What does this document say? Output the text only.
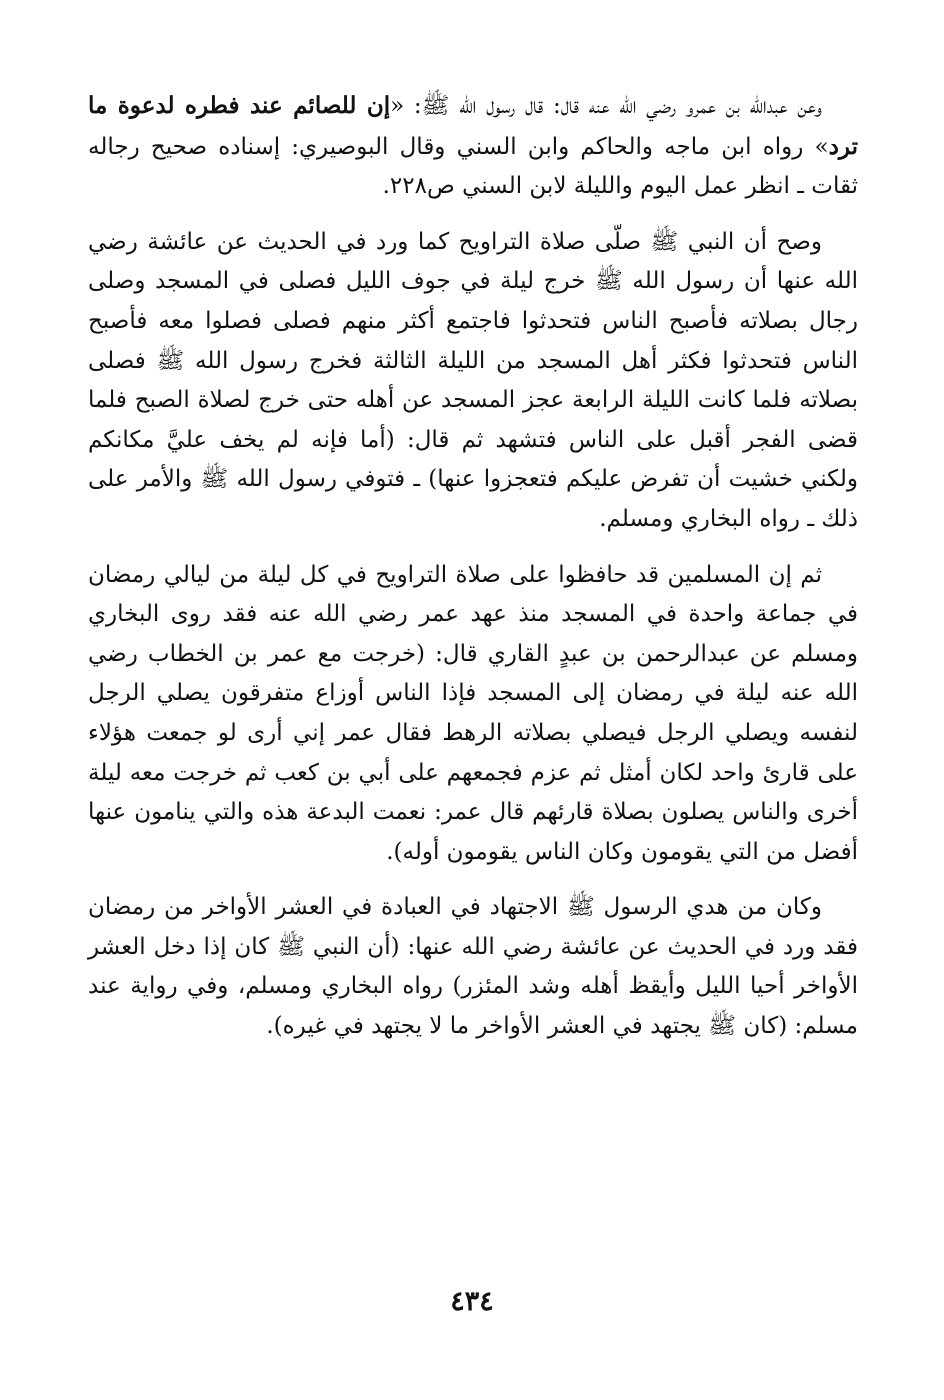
وعن عبدالله بن عمرو رضي الله عنه قال: قال رسول الله ﷺ: «إن للصائم عند فطره لدعوة ما ترد» رواه ابن ماجه والحاكم وابن السني وقال البوصيري: إسناده صحيح رجاله ثقات ـ انظر عمل اليوم والليلة لابن السني ص٢٢٨.

وصح أن النبي ﷺ صلّى صلاة التراويح كما ورد في الحديث عن عائشة رضي الله عنها أن رسول الله ﷺ خرج ليلة في جوف الليل فصلى في المسجد وصلى رجال بصلاته فأصبح الناس فتحدثوا فاجتمع أكثر منهم فصلى فصلوا معه فأصبح الناس فتحدثوا فكثر أهل المسجد من الليلة الثالثة فخرج رسول الله ﷺ فصلى بصلاته فلما كانت الليلة الرابعة عجز المسجد عن أهله حتى خرج لصلاة الصبح فلما قضى الفجر أقبل على الناس فتشهد ثم قال: (أما فإنه لم يخف عليَّ مكانكم ولكني خشيت أن تفرض عليكم فتعجزوا عنها) ـ فتوفي رسول الله ﷺ والأمر على ذلك ـ رواه البخاري ومسلم.

ثم إن المسلمين قد حافظوا على صلاة التراويح في كل ليلة من ليالي رمضان في جماعة واحدة في المسجد منذ عهد عمر رضي الله عنه فقد روى البخاري ومسلم عن عبدالرحمن بن عبدٍ القاري قال: (خرجت مع عمر بن الخطاب رضي الله عنه ليلة في رمضان إلى المسجد فإذا الناس أوزاع متفرقون يصلي الرجل لنفسه ويصلي الرجل فيصلي بصلاته الرهط فقال عمر إني أرى لو جمعت هؤلاء على قارئ واحد لكان أمثل ثم عزم فجمعهم على أبي بن كعب ثم خرجت معه ليلة أخرى والناس يصلون بصلاة قارئهم قال عمر: نعمت البدعة هذه والتي ينامون عنها أفضل من التي يقومون وكان الناس يقومون أوله).

وكان من هدي الرسول ﷺ الاجتهاد في العبادة في العشر الأواخر من رمضان فقد ورد في الحديث عن عائشة رضي الله عنها: (أن النبي ﷺ كان إذا دخل العشر الأواخر أحيا الليل وأيقظ أهله وشد المئزر) رواه البخاري ومسلم، وفي رواية عند مسلم: (كان ﷺ يجتهد في العشر الأواخر ما لا يجتهد في غيره).

٤٣٤
